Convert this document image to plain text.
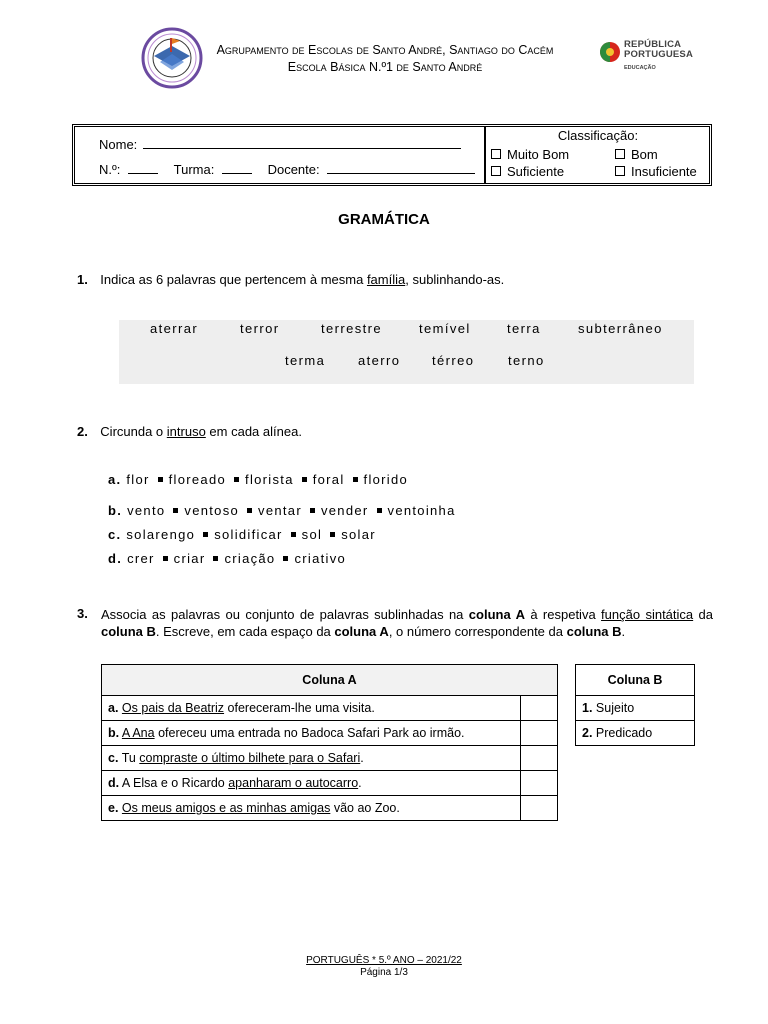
Agrupamento de Escolas de Santo André, Santiago do Cacém
Escola Básica N.º1 de Santo André
REPÚBLICA
PORTUGUESA
EDUCAÇÃO
Nome:
N.º:	Turma:	Docente:
Classificação:
Muito Bom	Bom
Suficiente	Insuficiente
GRAMÁTICA
1. Indica as 6 palavras que pertencem à mesma família, sublinhando-as.
aterrar	terror	terrestre	temível	terra	subterrâneo
terma	aterro térreo	terno
2. Circunda o intruso em cada alínea.
a. flor floreado florista foral florido
b. vento ventoso ventar vender ventoinha
c. solarengo solidificar sol solar
d. crer criar criação criativo
3. Associa as palavras ou conjunto de palavras sublinhadas na coluna A à respetiva função sintática da coluna B. Escreve, em cada espaço da coluna A, o número correspondente da coluna B.
Coluna A	
a. Os pais da Beatriz ofereceram-lhe uma visita.	
b. A Ana ofereceu uma entrada no Badoca Safari Park ao irmão.	
c. Tu compraste o último bilhete para o Safari.	
d. A Elsa e o Ricardo apanharam o autocarro.	
e. Os meus amigos e as minhas amigas vão ao Zoo.	
Coluna B
1. Sujeito
2. Predicado
PORTUGUÊS * 5.º ANO – 2021/22
Página 1/3
